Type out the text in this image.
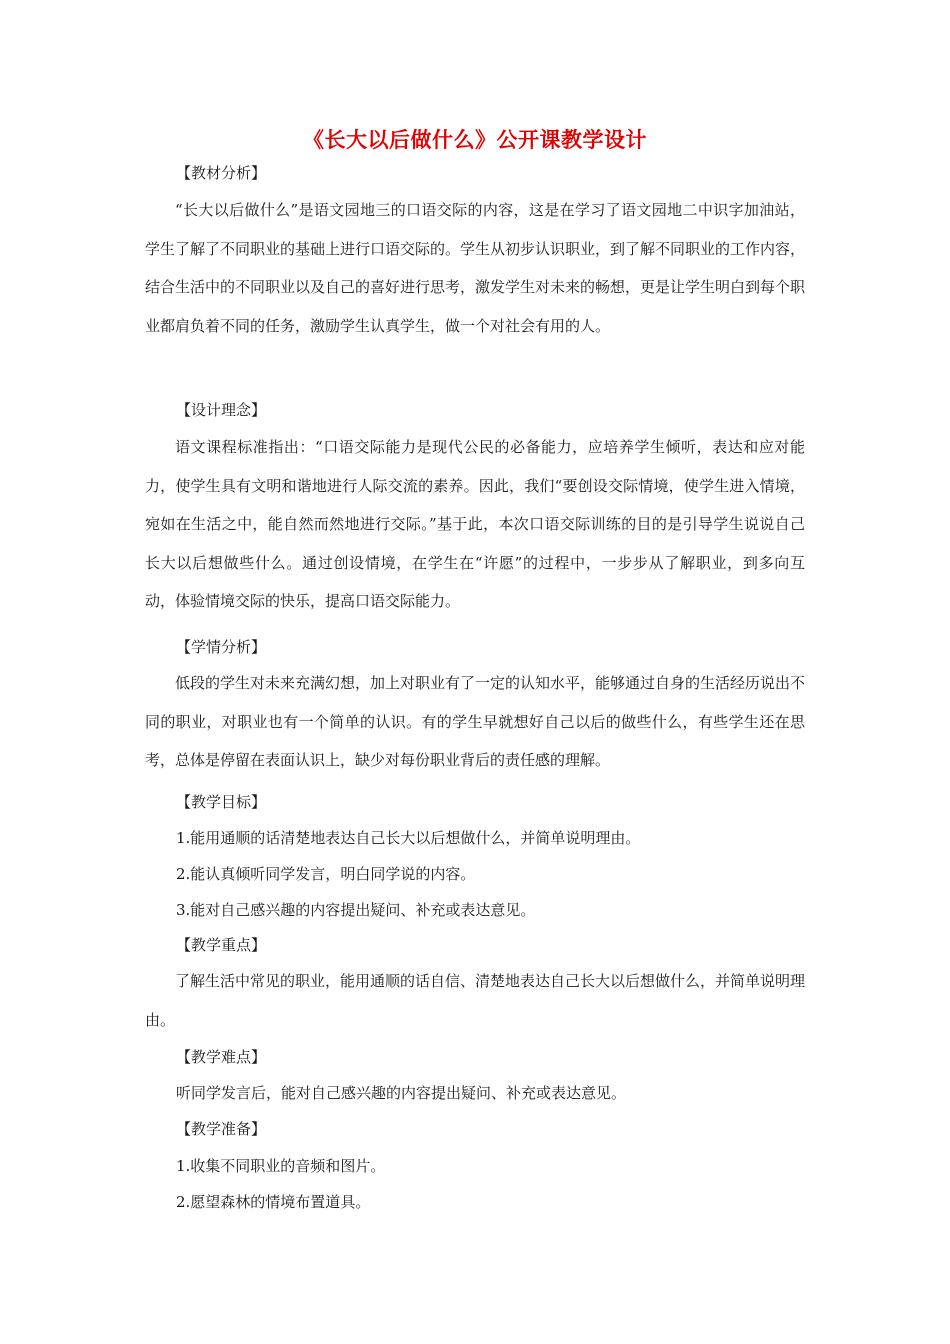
《长大以后做什么》公开课教学设计
【教材分析】

“长大以后做什么”是语文园地三的口语交际的内容，这是在学习了语文园地二中识字加油站，学生了解了不同职业的基础上进行口语交际的。学生从初步认识职业，到了解不同职业的工作内容，结合生活中的不同职业以及自己的喜好进行思考，激发学生对未来的畅想，更是让学生明白到每个职业都肩负着不同的任务，激励学生认真学生，做一个对社会有用的人。

【设计理念】

语文课程标准指出：“口语交际能力是现代公民的必备能力，应培养学生倾听，表达和应对能力，使学生具有文明和谐地进行人际交流的素养。因此，我们“要创设交际情境，使学生进入情境，宛如在生活之中，能自然而然地进行交际。”基于此，本次口语交际训练的目的是引导学生说说自己长大以后想做些什么。通过创设情境，在学生在“许愿”的过程中，一步步从了解职业，到多向互动，体验情境交际的快乐，提高口语交际能力。

【学情分析】

低段的学生对未来充满幻想，加上对职业有了一定的认知水平，能够通过自身的生活经历说出不同的职业，对职业也有一个简单的认识。有的学生早就想好自己以后的做些什么，有些学生还在思考，总体是停留在表面认识上，缺少对每份职业背后的责任感的理解。

【教学目标】
1.能用通顺的话清楚地表达自己长大以后想做什么，并简单说明理由。
2.能认真倾听同学发言，明白同学说的内容。
3.能对自己感兴趣的内容提出疑问、补充或表达意见。
【教学重点】

了解生活中常见的职业，能用通顺的话自信、清楚地表达自己长大以后想做什么，并简单说明理由。

【教学难点】
听同学发言后，能对自己感兴趣的内容提出疑问、补充或表达意见。
【教学准备】
1.收集不同职业的音频和图片。
2.愿望森林的情境布置道具。
